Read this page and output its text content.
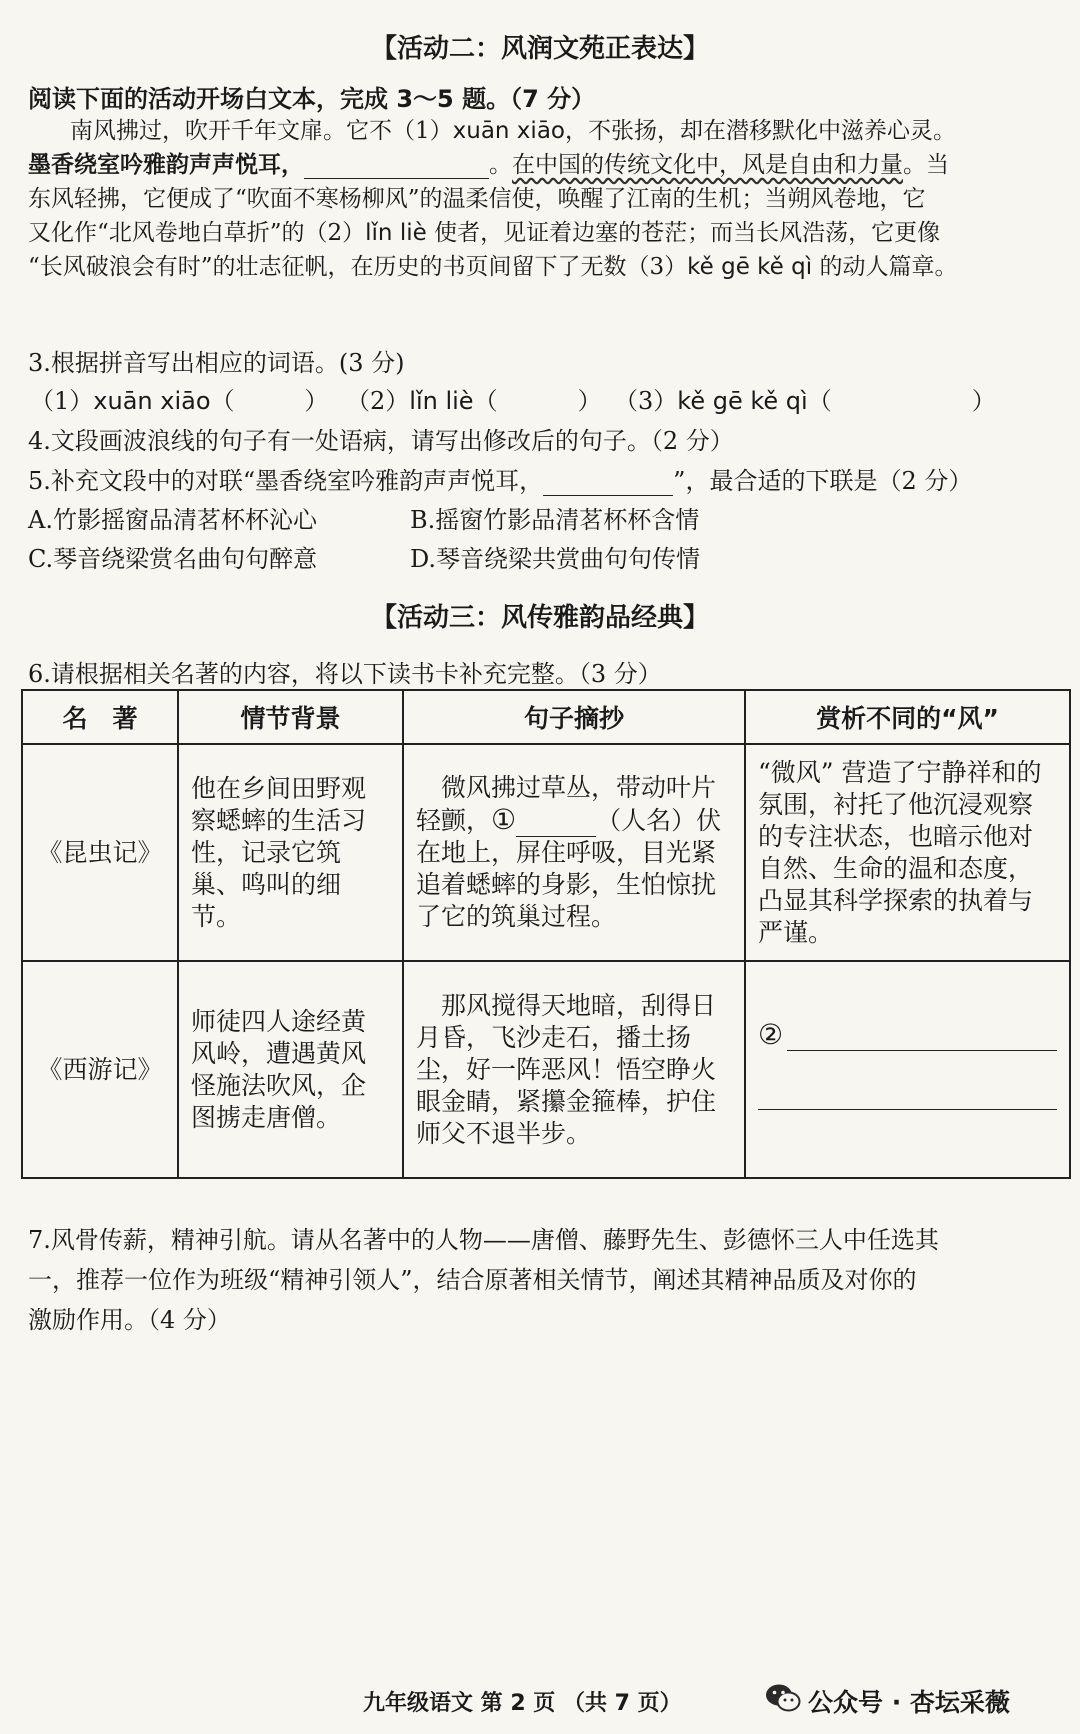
【活动二：风润文苑正表达】
阅读下面的活动开场白文本，完成 3～5 题。（7 分）
南风拂过，吹开千年文扉。它不（1）xuān xiāo，不张扬，却在潜移默化中滋养心灵。
墨香绕室吟雅韵声声悦耳，	。在中国的传统文化中，风是自由和力量。当
东风轻拂，它便成了“吹面不寒杨柳风”的温柔信使，唤醒了江南的生机；当朔风卷地，它
又化作“北风卷地白草折”的（2）lǐn liè 使者，见证着边塞的苍茫；而当长风浩荡，它更像
“长风破浪会有时”的壮志征帆，在历史的书页间留下了无数（3）kě gē kě qì 的动人篇章。
3.根据拼音写出相应的词语。(3 分)
（1）xuān xiāo（	） （2）lǐn liè（	） （3）kě gē kě qì（	）
4.文段画波浪线的句子有一处语病，请写出修改后的句子。（2 分）
5.补充文段中的对联“墨香绕室吟雅韵声声悦耳，	”，最合适的下联是（2 分）
A.竹影摇窗品清茗杯杯沁心	B.摇窗竹影品清茗杯杯含情
C.琴音绕梁赏名曲句句醉意	D.琴音绕梁共赏曲句句传情
【活动三：风传雅韵品经典】
6.请根据相关名著的内容，将以下读书卡补充完整。（3 分）
名　著	情节背景	句子摘抄	赏析不同的“风”
《昆虫记》	他在乡间田野观察蟋蟀的生活习性，记录它筑巢、鸣叫的细节。	　微风拂过草丛，带动叶片轻颤，① （人名）伏在地上，屏住呼吸，目光紧追着蟋蟀的身影，生怕惊扰了它的筑巢过程。	“微风” 营造了宁静祥和的氛围，衬托了他沉浸观察的专注状态，也暗示他对自然、生命的温和态度，凸显其科学探索的执着与严谨。
《西游记》	师徒四人途经黄风岭，遭遇黄风怪施法吹风，企图掳走唐僧。	　那风搅得天地暗，刮得日月昏，飞沙走石，播土扬尘，好一阵恶风！悟空睁火眼金睛，紧攥金箍棒，护住师父不退半步。	②
7.风骨传薪，精神引航。请从名著中的人物——唐僧、藤野先生、彭德怀三人中任选其
一，推荐一位作为班级“精神引领人”，结合原著相关情节，阐述其精神品质及对你的
激励作用。（4 分）
九年级语文 第 2 页 （共 7 页）	公众号 · 杏坛采薇
